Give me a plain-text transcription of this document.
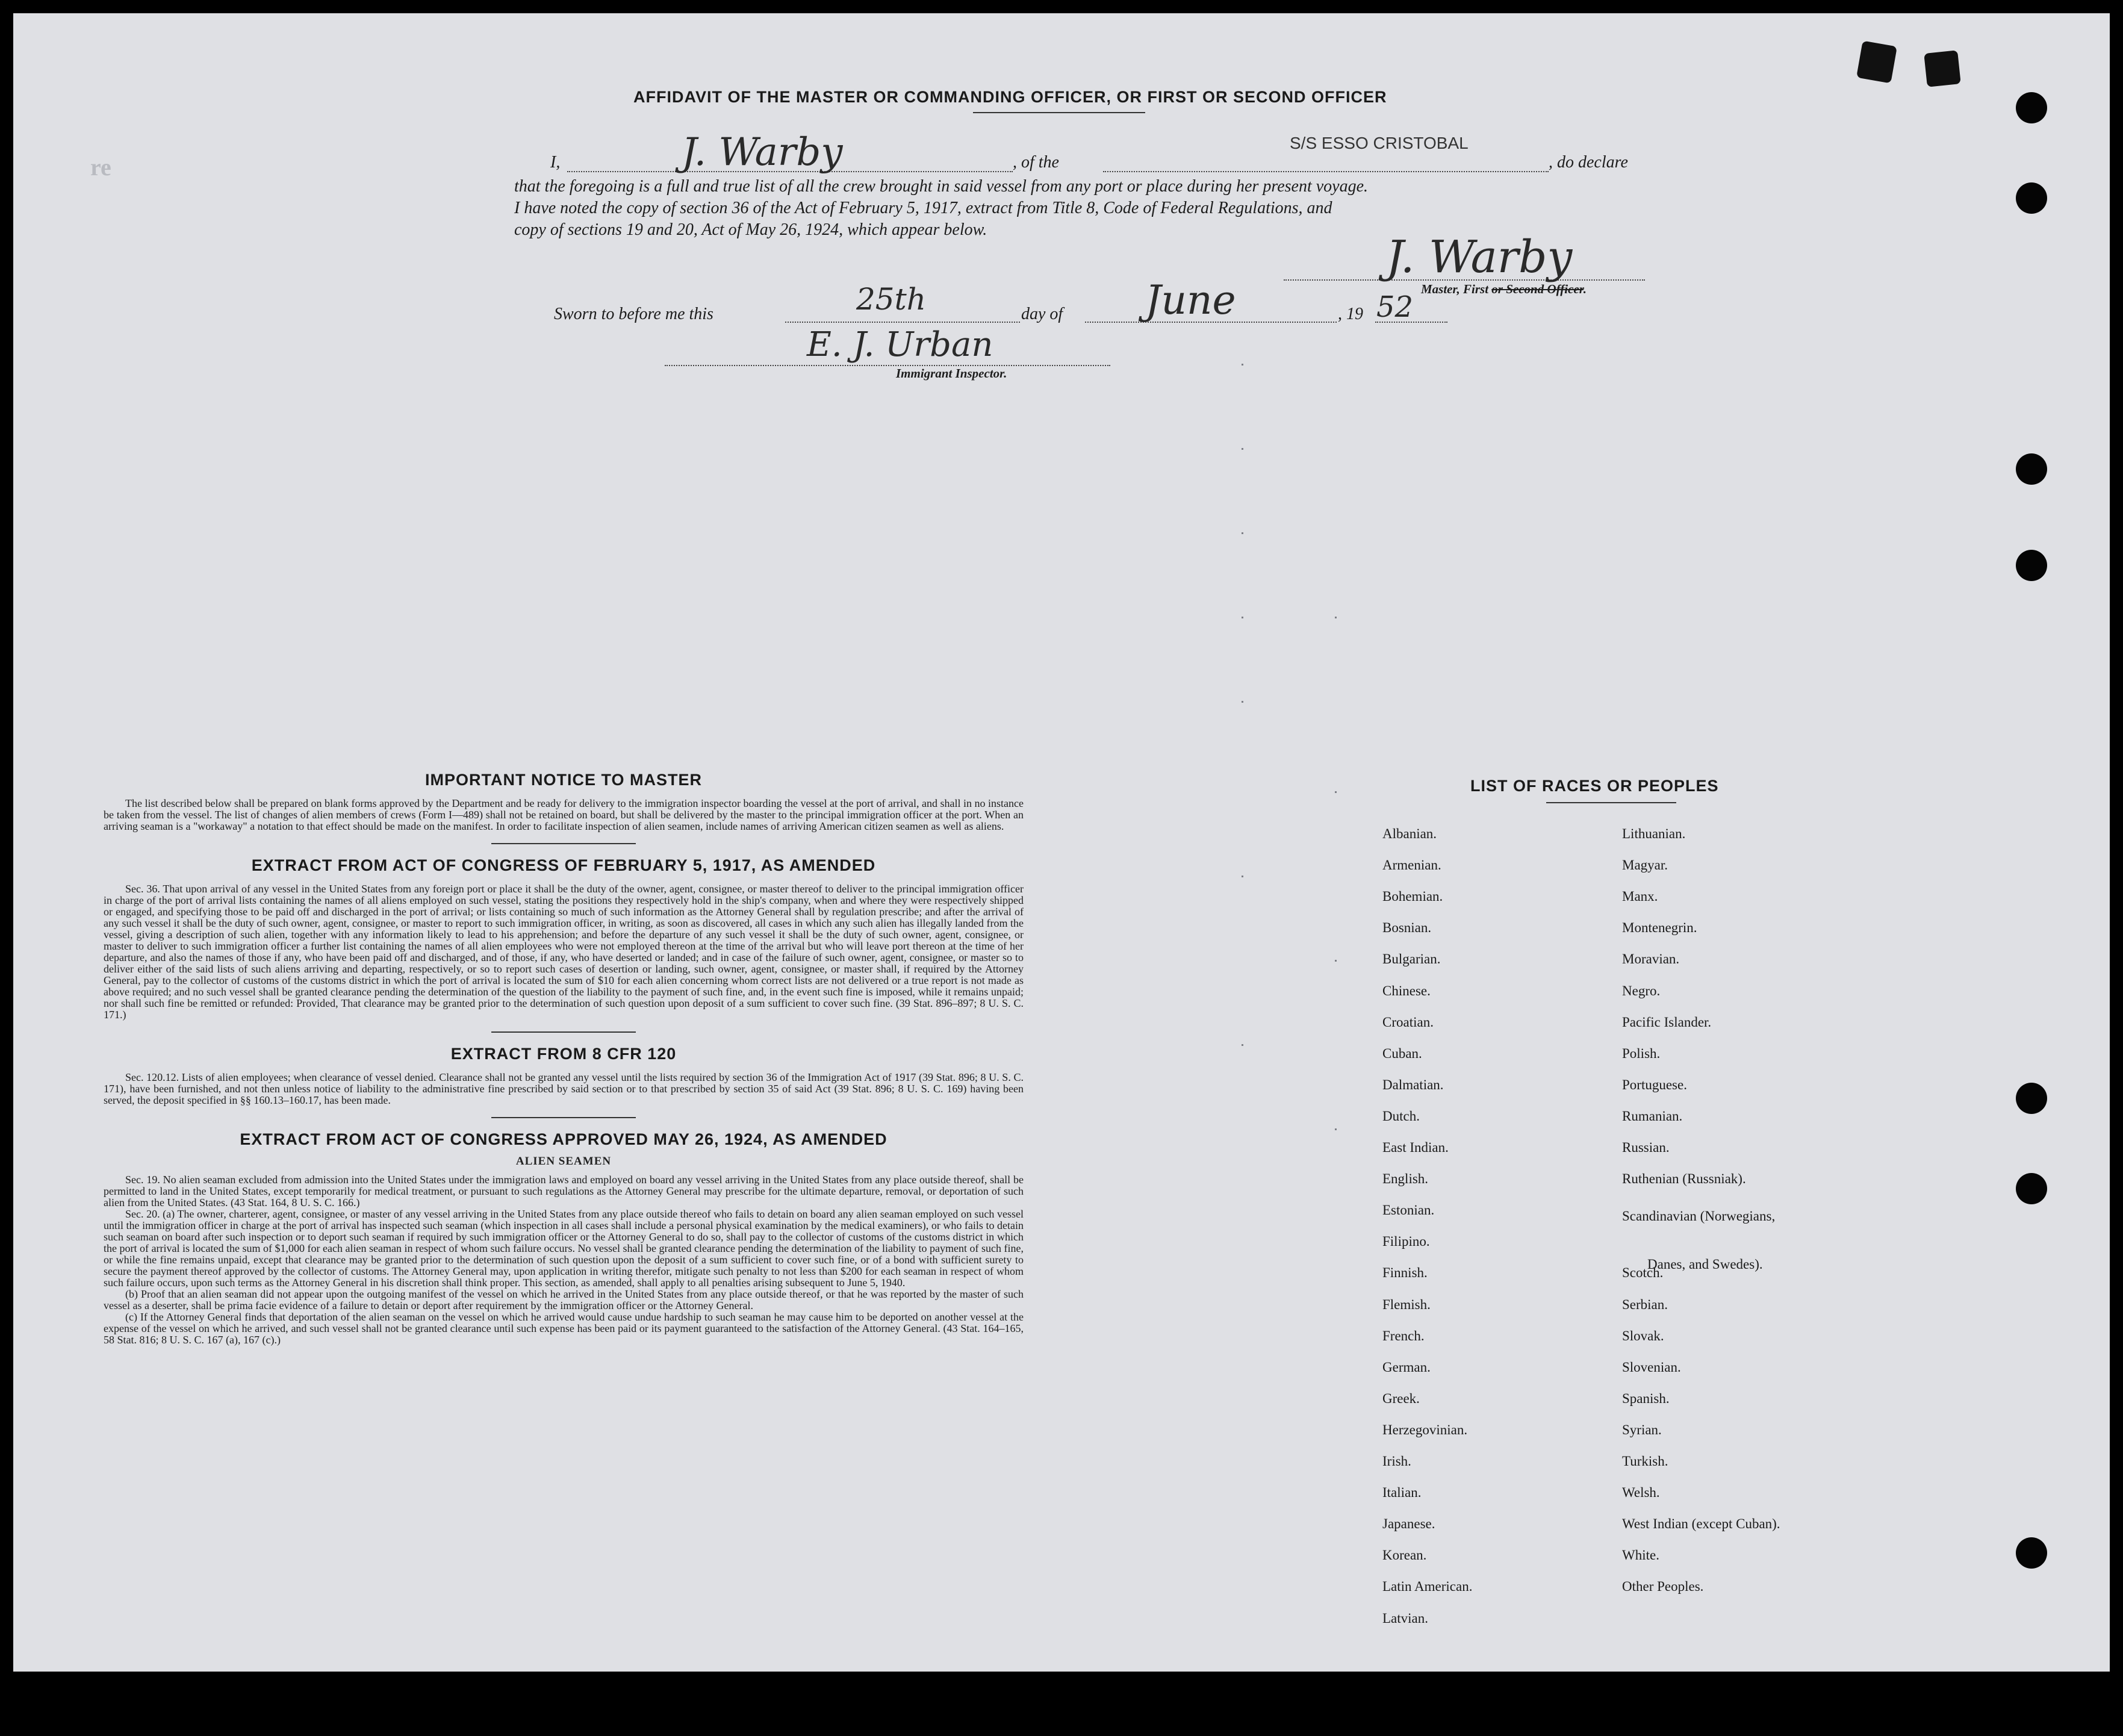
re
AFFIDAVIT OF THE MASTER OR COMMANDING OFFICER, OR FIRST OR SECOND OFFICER
I,	J. Warby	, of the
S/S ESSO CRISTOBAL
, do declare
that the foregoing is a full and true list of all the crew brought in said vessel from any port or place during her present voyage.
I have noted the copy of section 36 of the Act of February 5, 1917, extract from Title 8, Code of Federal Regulations, and
copy of sections 19 and 20, Act of May 26, 1924, which appear below.
J. Warby
Master, First or Second Officer.
Sworn to before me this	25th	day of June	, 19 52
E. J. Urban
Immigrant Inspector.
IMPORTANT NOTICE TO MASTER
The list described below shall be prepared on blank forms approved by the Department and be ready for delivery to the immigration inspector boarding the vessel at the port of arrival, and shall in no instance be taken from the vessel. The list of changes of alien members of crews (Form I—489) shall not be retained on board, but shall be delivered by the master to the principal immigration officer at the port. When an arriving seaman is a "workaway" a notation to that effect should be made on the manifest. In order to facilitate inspection of alien seamen, include names of arriving American citizen seamen as well as aliens.
EXTRACT FROM ACT OF CONGRESS OF FEBRUARY 5, 1917, AS AMENDED
Sec. 36. That upon arrival of any vessel in the United States from any foreign port or place it shall be the duty of the owner, agent, consignee, or master thereof to deliver to the principal immigration officer in charge of the port of arrival lists containing the names of all aliens employed on such vessel, stating the positions they respectively hold in the ship's company, when and where they were respectively shipped or engaged, and specifying those to be paid off and discharged in the port of arrival; or lists containing so much of such information as the Attorney General shall by regulation prescribe; and after the arrival of any such vessel it shall be the duty of such owner, agent, consignee, or master to report to such immigration officer, in writing, as soon as discovered, all cases in which any such alien has illegally landed from the vessel, giving a description of such alien, together with any information likely to lead to his apprehension; and before the departure of any such vessel it shall be the duty of such owner, agent, consignee, or master to deliver to such immigration officer a further list containing the names of all alien employees who were not employed thereon at the time of the arrival but who will leave port thereon at the time of her departure, and also the names of those if any, who have been paid off and discharged, and of those, if any, who have deserted or landed; and in case of the failure of such owner, agent, consignee, or master so to deliver either of the said lists of such aliens arriving and departing, respectively, or so to report such cases of desertion or landing, such owner, agent, consignee, or master shall, if required by the Attorney General, pay to the collector of customs of the customs district in which the port of arrival is located the sum of $10 for each alien concerning whom correct lists are not delivered or a true report is not made as above required; and no such vessel shall be granted clearance pending the determination of the question of the liability to the payment of such fine, and, in the event such fine is imposed, while it remains unpaid; nor shall such fine be remitted or refunded: Provided, That clearance may be granted prior to the determination of such question upon deposit of a sum sufficient to cover such fine. (39 Stat. 896–897; 8 U. S. C. 171.)
EXTRACT FROM 8 CFR 120
Sec. 120.12. Lists of alien employees; when clearance of vessel denied. Clearance shall not be granted any vessel until the lists required by section 36 of the Immigration Act of 1917 (39 Stat. 896; 8 U. S. C. 171), have been furnished, and not then unless notice of liability to the administrative fine prescribed by said section or to that prescribed by section 35 of said Act (39 Stat. 896; 8 U. S. C. 169) having been served, the deposit specified in §§ 160.13–160.17, has been made.
EXTRACT FROM ACT OF CONGRESS APPROVED MAY 26, 1924, AS AMENDED
ALIEN SEAMEN
Sec. 19. No alien seaman excluded from admission into the United States under the immigration laws and employed on board any vessel arriving in the United States from any place outside thereof, shall be permitted to land in the United States, except temporarily for medical treatment, or pursuant to such regulations as the Attorney General may prescribe for the ultimate departure, removal, or deportation of such alien from the United States. (43 Stat. 164, 8 U. S. C. 166.)
Sec. 20. (a) The owner, charterer, agent, consignee, or master of any vessel arriving in the United States from any place outside thereof who fails to detain on board any alien seaman employed on such vessel until the immigration officer in charge at the port of arrival has inspected such seaman (which inspection in all cases shall include a personal physical examination by the medical examiners), or who fails to detain such seaman on board after such inspection or to deport such seaman if required by such immigration officer or the Attorney General to do so, shall pay to the collector of customs of the customs district in which the port of arrival is located the sum of $1,000 for each alien seaman in respect of whom such failure occurs. No vessel shall be granted clearance pending the determination of the liability to payment of such fine, or while the fine remains unpaid, except that clearance may be granted prior to the determination of such question upon the deposit of a sum sufficient to cover such fine, or of a bond with sufficient surety to secure the payment thereof approved by the collector of customs. The Attorney General may, upon application in writing therefor, mitigate such penalty to not less than $200 for each seaman in respect of whom such failure occurs, upon such terms as the Attorney General in his discretion shall think proper. This section, as amended, shall apply to all penalties arising subsequent to June 5, 1940.
(b) Proof that an alien seaman did not appear upon the outgoing manifest of the vessel on which he arrived in the United States from any place outside thereof, or that he was reported by the master of such vessel as a deserter, shall be prima facie evidence of a failure to detain or deport after requirement by the immigration officer or the Attorney General.
(c) If the Attorney General finds that deportation of the alien seaman on the vessel on which he arrived would cause undue hardship to such seaman he may cause him to be deported on another vessel at the expense of the vessel on which he arrived, and such vessel shall not be granted clearance until such expense has been paid or its payment guaranteed to the satisfaction of the Attorney General. (43 Stat. 164–165, 58 Stat. 816; 8 U. S. C. 167 (a), 167 (c).)
LIST OF RACES OR PEOPLES
Albanian.
Armenian.
Bohemian.
Bosnian.
Bulgarian.
Chinese.
Croatian.
Cuban.
Dalmatian.
Dutch.
East Indian.
English.
Estonian.
Filipino.
Finnish.
Flemish.
French.
German.
Greek.
Herzegovinian.
Irish.
Italian.
Japanese.
Korean.
Latin American.
Latvian.
Lithuanian.
Magyar.
Manx.
Montenegrin.
Moravian.
Negro.
Pacific Islander.
Polish.
Portuguese.
Rumanian.
Russian.
Ruthenian (Russniak).
Scandinavian (Norwegians,
Danes, and Swedes).
Scotch.
Serbian.
Slovak.
Slovenian.
Spanish.
Syrian.
Turkish.
Welsh.
West Indian (except Cuban).
White.
Other Peoples.
